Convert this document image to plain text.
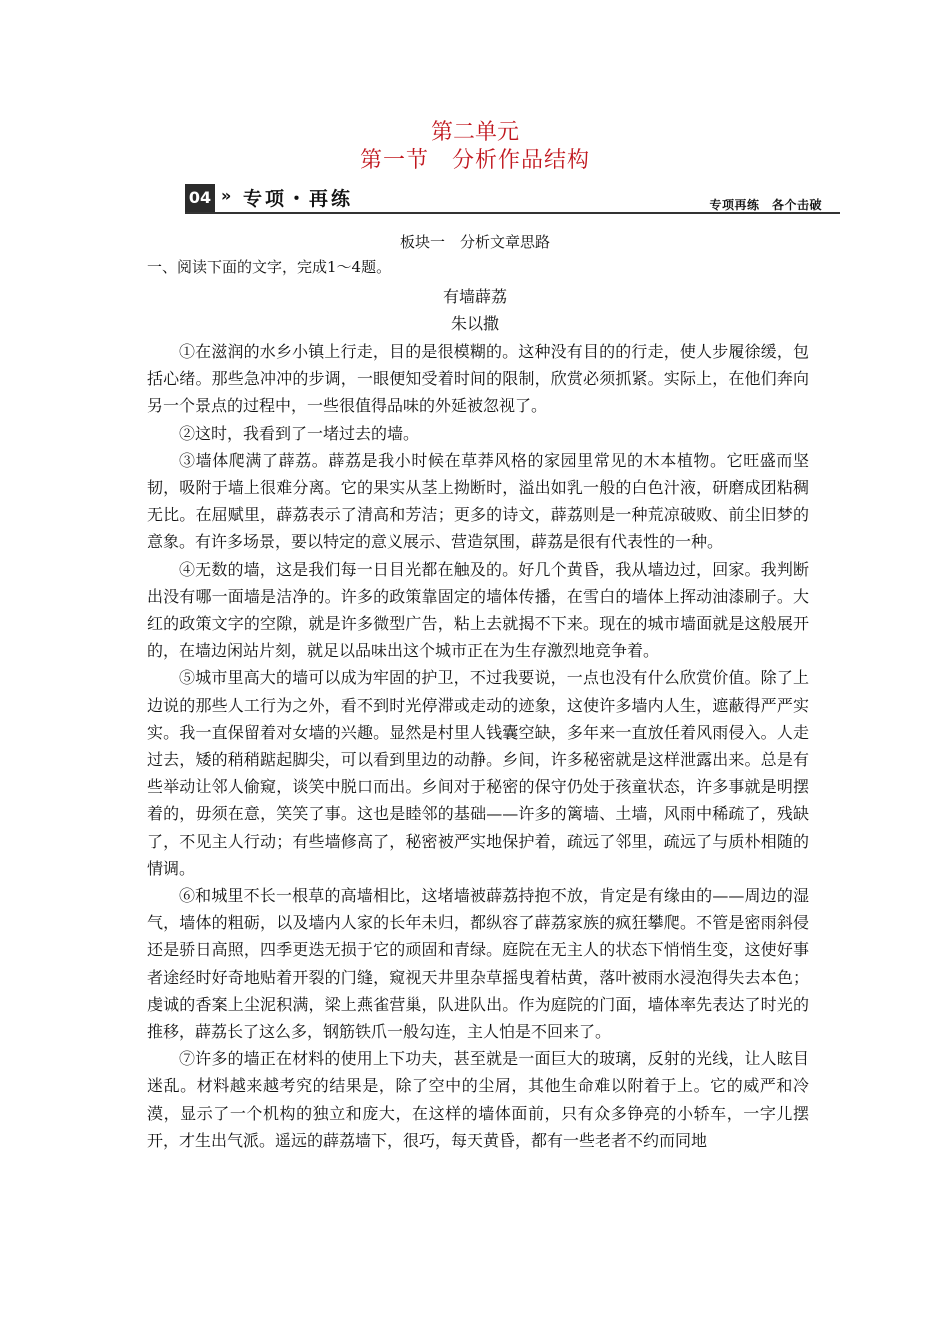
第二单元
第一节　分析作品结构
04 » 专项・再练	专项再练　各个击破
板块一　分析文章思路
一、阅读下面的文字，完成1～4题。
有墙薜荔
朱以撒

①在滋润的水乡小镇上行走，目的是很模糊的。这种没有目的的行走，使人步履徐缓，包括心绪。那些急冲冲的步调，一眼便知受着时间的限制，欣赏必须抓紧。实际上，在他们奔向另一个景点的过程中，一些很值得品味的外延被忽视了。

②这时，我看到了一堵过去的墙。

③墙体爬满了薜荔。薜荔是我小时候在草莽风格的家园里常见的木本植物。它旺盛而坚韧，吸附于墙上很难分离。它的果实从茎上拗断时，溢出如乳一般的白色汁液，研磨成团粘稠无比。在屈赋里，薜荔表示了清高和芳洁；更多的诗文，薜荔则是一种荒凉破败、前尘旧梦的意象。有许多场景，要以特定的意义展示、营造氛围，薜荔是很有代表性的一种。

④无数的墙，这是我们每一日目光都在触及的。好几个黄昏，我从墙边过，回家。我判断出没有哪一面墙是洁净的。许多的政策靠固定的墙体传播，在雪白的墙体上挥动油漆刷子。大红的政策文字的空隙，就是许多微型广告，粘上去就揭不下来。现在的城市墙面就是这般展开的，在墙边闲站片刻，就足以品味出这个城市正在为生存激烈地竞争着。

⑤城市里高大的墙可以成为牢固的护卫，不过我要说，一点也没有什么欣赏价值。除了上边说的那些人工行为之外，看不到时光停滞或走动的迹象，这使许多墙内人生，遮蔽得严严实实。我一直保留着对女墙的兴趣。显然是村里人钱囊空缺，多年来一直放任着风雨侵入。人走过去，矮的稍稍踮起脚尖，可以看到里边的动静。乡间，许多秘密就是这样泄露出来。总是有些举动让邻人偷窥，谈笑中脱口而出。乡间对于秘密的保守仍处于孩童状态，许多事就是明摆着的，毋须在意，笑笑了事。这也是睦邻的基础——许多的篱墙、土墙，风雨中稀疏了，残缺了，不见主人行动；有些墙修高了，秘密被严实地保护着，疏远了邻里，疏远了与质朴相随的情调。

⑥和城里不长一根草的高墙相比，这堵墙被薜荔持抱不放，肯定是有缘由的——周边的湿气，墙体的粗砺，以及墙内人家的长年未归，都纵容了薜荔家族的疯狂攀爬。不管是密雨斜侵还是骄日高照，四季更迭无损于它的顽固和青绿。庭院在无主人的状态下悄悄生变，这使好事者途经时好奇地贴着开裂的门缝，窥视天井里杂草摇曳着枯黄，落叶被雨水浸泡得失去本色；虔诚的香案上尘泥积满，梁上燕雀营巢，队进队出。作为庭院的门面，墙体率先表达了时光的推移，薜荔长了这么多，钢筋铁爪一般勾连，主人怕是不回来了。

⑦许多的墙正在材料的使用上下功夫，甚至就是一面巨大的玻璃，反射的光线，让人眩目迷乱。材料越来越考究的结果是，除了空中的尘屑，其他生命难以附着于上。它的威严和冷漠，显示了一个机构的独立和庞大，在这样的墙体面前，只有众多铮亮的小轿车，一字儿摆开，才生出气派。遥远的薜荔墙下，很巧，每天黄昏，都有一些老者不约而同地
